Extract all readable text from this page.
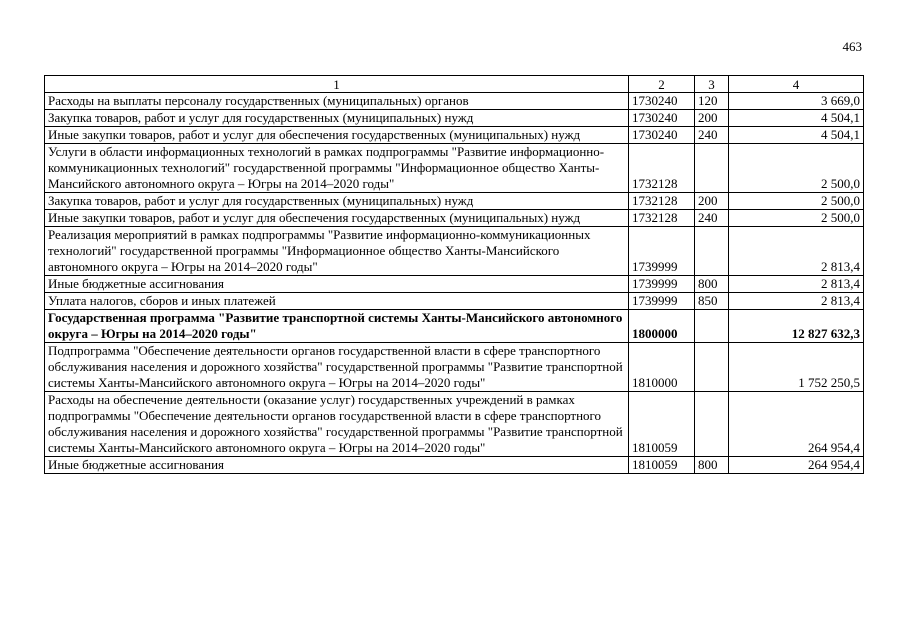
463
1	2	3	4
Расходы на выплаты персоналу государственных (муниципальных) органов	1730240	120	3 669,0
Закупка товаров, работ и услуг для государственных (муниципальных) нужд	1730240	200	4 504,1
Иные закупки товаров, работ и услуг для обеспечения государственных (муниципальных) нужд	1730240	240	4 504,1
Услуги в области информационных технологий в рамках подпрограммы "Развитие информационно-коммуникационных технологий" государственной программы "Информационное общество Ханты-Мансийского автономного округа – Югры на 2014–2020 годы"	1732128		2 500,0
Закупка товаров, работ и услуг для государственных (муниципальных) нужд	1732128	200	2 500,0
Иные закупки товаров, работ и услуг для обеспечения государственных (муниципальных) нужд	1732128	240	2 500,0
Реализация мероприятий в рамках подпрограммы "Развитие информационно-коммуникационных технологий" государственной программы "Информационное общество Ханты-Мансийского автономного округа – Югры на 2014–2020 годы"	1739999		2 813,4
Иные бюджетные ассигнования	1739999	800	2 813,4
Уплата налогов, сборов и иных платежей	1739999	850	2 813,4
Государственная программа "Развитие транспортной системы Ханты-Мансийского автономного округа – Югры на 2014–2020 годы"	1800000		12 827 632,3
Подпрограмма "Обеспечение деятельности органов государственной власти в сфере транспортного обслуживания населения и дорожного хозяйства" государственной программы "Развитие транспортной системы Ханты-Мансийского автономного округа – Югры на 2014–2020 годы"	1810000		1 752 250,5
Расходы на обеспечение деятельности (оказание услуг) государственных учреждений в рамках подпрограммы "Обеспечение деятельности органов государственной власти в сфере транспортного обслуживания населения и дорожного хозяйства" государственной программы "Развитие транспортной системы Ханты-Мансийского автономного округа – Югры на 2014–2020 годы"	1810059		264 954,4
Иные бюджетные ассигнования	1810059	800	264 954,4
